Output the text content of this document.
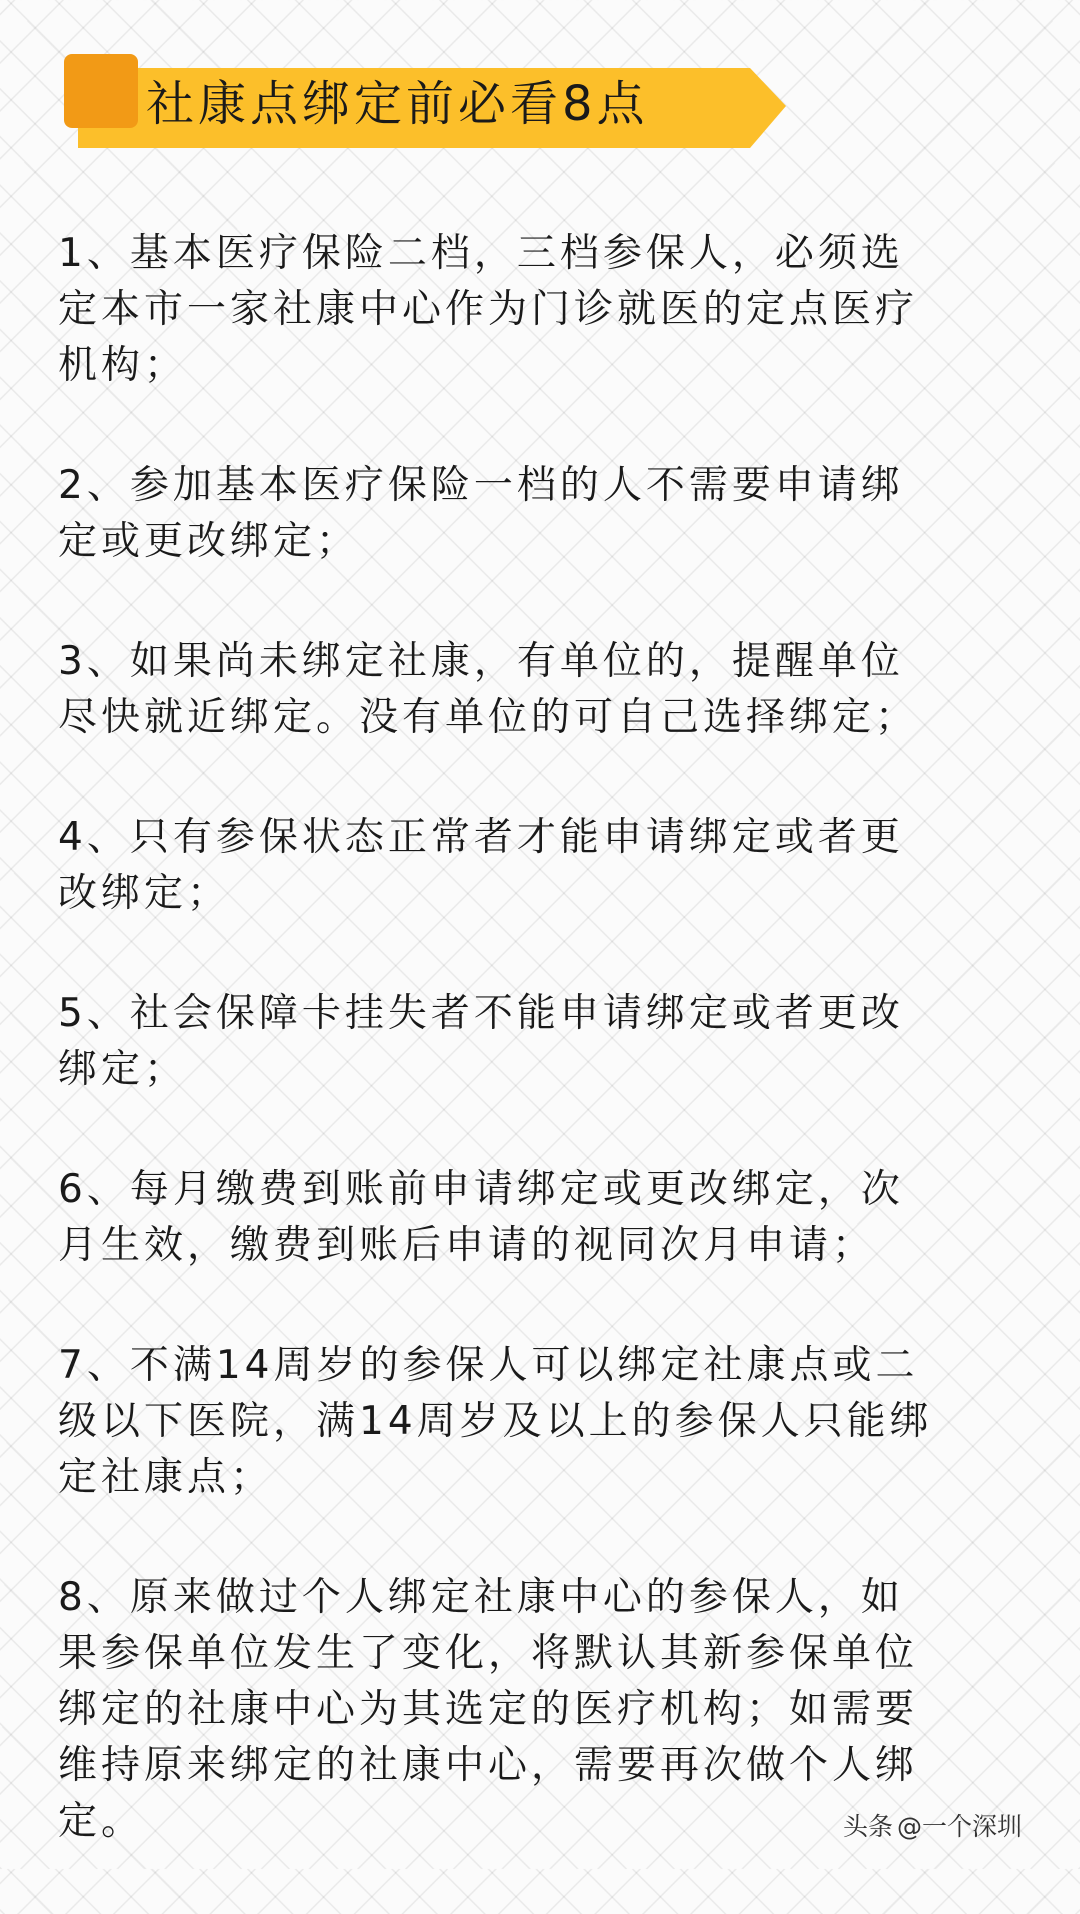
社康点绑定前必看8点

1、基本医疗保险二档，三档参保人，必须选
定本市一家社康中心作为门诊就医的定点医疗
机构；

2、参加基本医疗保险一档的人不需要申请绑
定或更改绑定；

3、如果尚未绑定社康，有单位的，提醒单位
尽快就近绑定。没有单位的可自己选择绑定；

4、只有参保状态正常者才能申请绑定或者更
改绑定；

5、社会保障卡挂失者不能申请绑定或者更改
绑定；

6、每月缴费到账前申请绑定或更改绑定，次
月生效，缴费到账后申请的视同次月申请；

7、不满14周岁的参保人可以绑定社康点或二
级以下医院，满14周岁及以上的参保人只能绑
定社康点；

8、原来做过个人绑定社康中心的参保人，如
果参保单位发生了变化，将默认其新参保单位
绑定的社康中心为其选定的医疗机构；如需要
维持原来绑定的社康中心，需要再次做个人绑
定。	头条 @一个深圳
